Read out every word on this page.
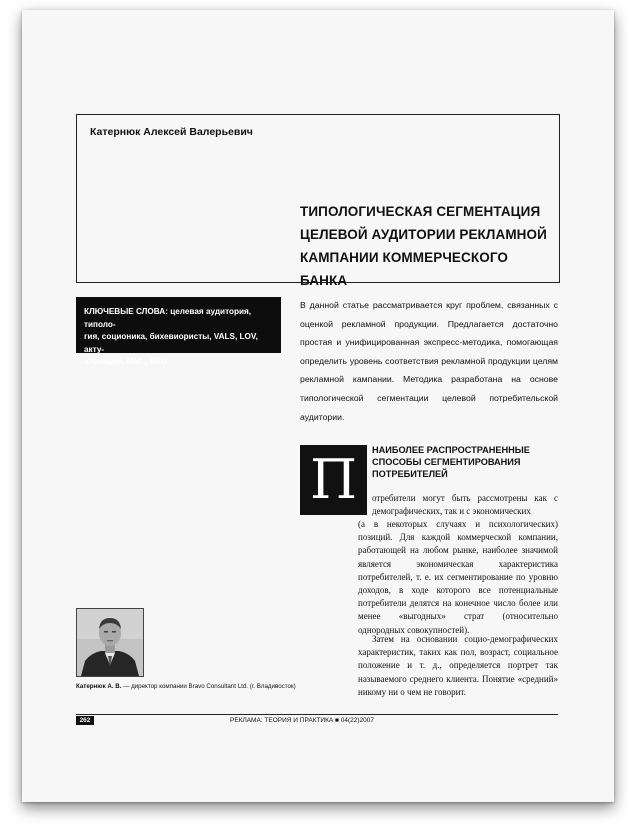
Катернюк Алексей Валерьевич
ТИПОЛОГИЧЕСКАЯ СЕГМЕНТАЦИЯ
ЦЕЛЕВОЙ АУДИТОРИИ РЕКЛАМНОЙ
КАМПАНИИ КОММЕРЧЕСКОГО БАНКА
КЛЮЧЕВЫЕ СЛОВА: целевая аудитория, типоло-
гия, соционика, бихевиористы, VALS, LOV, акту-
ализация, MML, SKU
В данной статье рассматривается круг проблем, связанных с оценкой рекламной продукции. Предлагается достаточно простая и унифицированная экспресс-методика, помогающая определить уровень соответствия рекламной продукции целям рекламной кампании. Методика разработана на основе типологической сегментации целевой потребительской аудитории.
П	НАИБОЛЕЕ РАСПРОСТРАНЕННЫЕ
СПОСОБЫ СЕГМЕНТИРОВАНИЯ
ПОТРЕБИТЕЛЕЙ
отребители могут быть рассмотрены как с демографических, так и с экономических
(а в некоторых случаях и психологических) позиций. Для каждой коммерческой компании, работающей на любом рынке, наиболее значимой является экономическая характеристика потребителей, т. е. их сегментирование по уровню доходов, в ходе которого все потенциальные потребители делятся на конечное число более или менее «выгодных» страт (относительно однородных совокупностей).
Затем на основании социо-демографических характеристик, таких как пол, возраст, социальное положение и т. д., определяется портрет так называемого среднего клиента. Понятие «средний» никому ни о чем не говорит.
Катернюк А. В. — директор компании Bravo Consultant Ltd. (г. Владивосток)
262	РЕКЛАМА: ТЕОРИЯ И ПРАКТИКА ■ 04(22)2007
